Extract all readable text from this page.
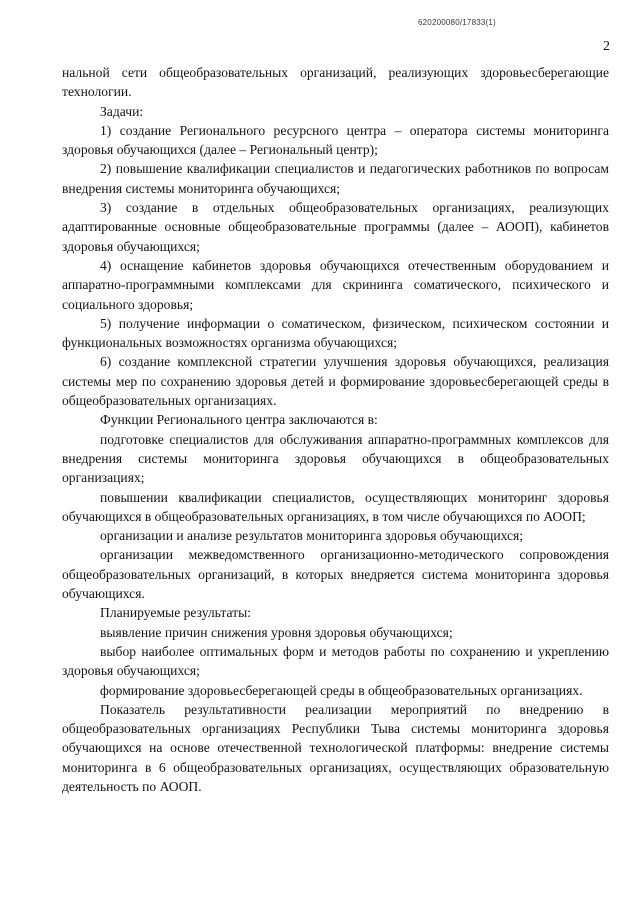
620200080/17833(1)
2

нальной сети общеобразовательных организаций, реализующих здоровьесберегающие технологии.

Задачи:

1) создание Регионального ресурсного центра – оператора системы мониторинга здоровья обучающихся (далее – Региональный центр);

2) повышение квалификации специалистов и педагогических работников по вопросам внедрения системы мониторинга обучающихся;

3) создание в отдельных общеобразовательных организациях, реализующих адаптированные основные общеобразовательные программы (далее – АООП), кабинетов здоровья обучающихся;

4) оснащение кабинетов здоровья обучающихся отечественным оборудованием и аппаратно-программными комплексами для скрининга соматического, психического и социального здоровья;

5) получение информации о соматическом, физическом, психическом состоянии и функциональных возможностях организма обучающихся;

6) создание комплексной стратегии улучшения здоровья обучающихся, реализация системы мер по сохранению здоровья детей и формирование здоровьесберегающей среды в общеобразовательных организациях.

Функции Регионального центра заключаются в:

подготовке специалистов для обслуживания аппаратно-программных комплексов для внедрения системы мониторинга здоровья обучающихся в общеобразовательных организациях;

повышении квалификации специалистов, осуществляющих мониторинг здоровья обучающихся в общеобразовательных организациях, в том числе обучающихся по АООП;

организации и анализе результатов мониторинга здоровья обучающихся;

организации межведомственного организационно-методического сопровождения общеобразовательных организаций, в которых внедряется система мониторинга здоровья обучающихся.

Планируемые результаты:

выявление причин снижения уровня здоровья обучающихся;

выбор наиболее оптимальных форм и методов работы по сохранению и укреплению здоровья обучающихся;

формирование здоровьесберегающей среды в общеобразовательных организациях.

Показатель результативности реализации мероприятий по внедрению в общеобразовательных организациях Республики Тыва системы мониторинга здоровья обучающихся на основе отечественной технологической платформы: внедрение системы мониторинга в 6 общеобразовательных организациях, осуществляющих образовательную деятельность по АООП.
